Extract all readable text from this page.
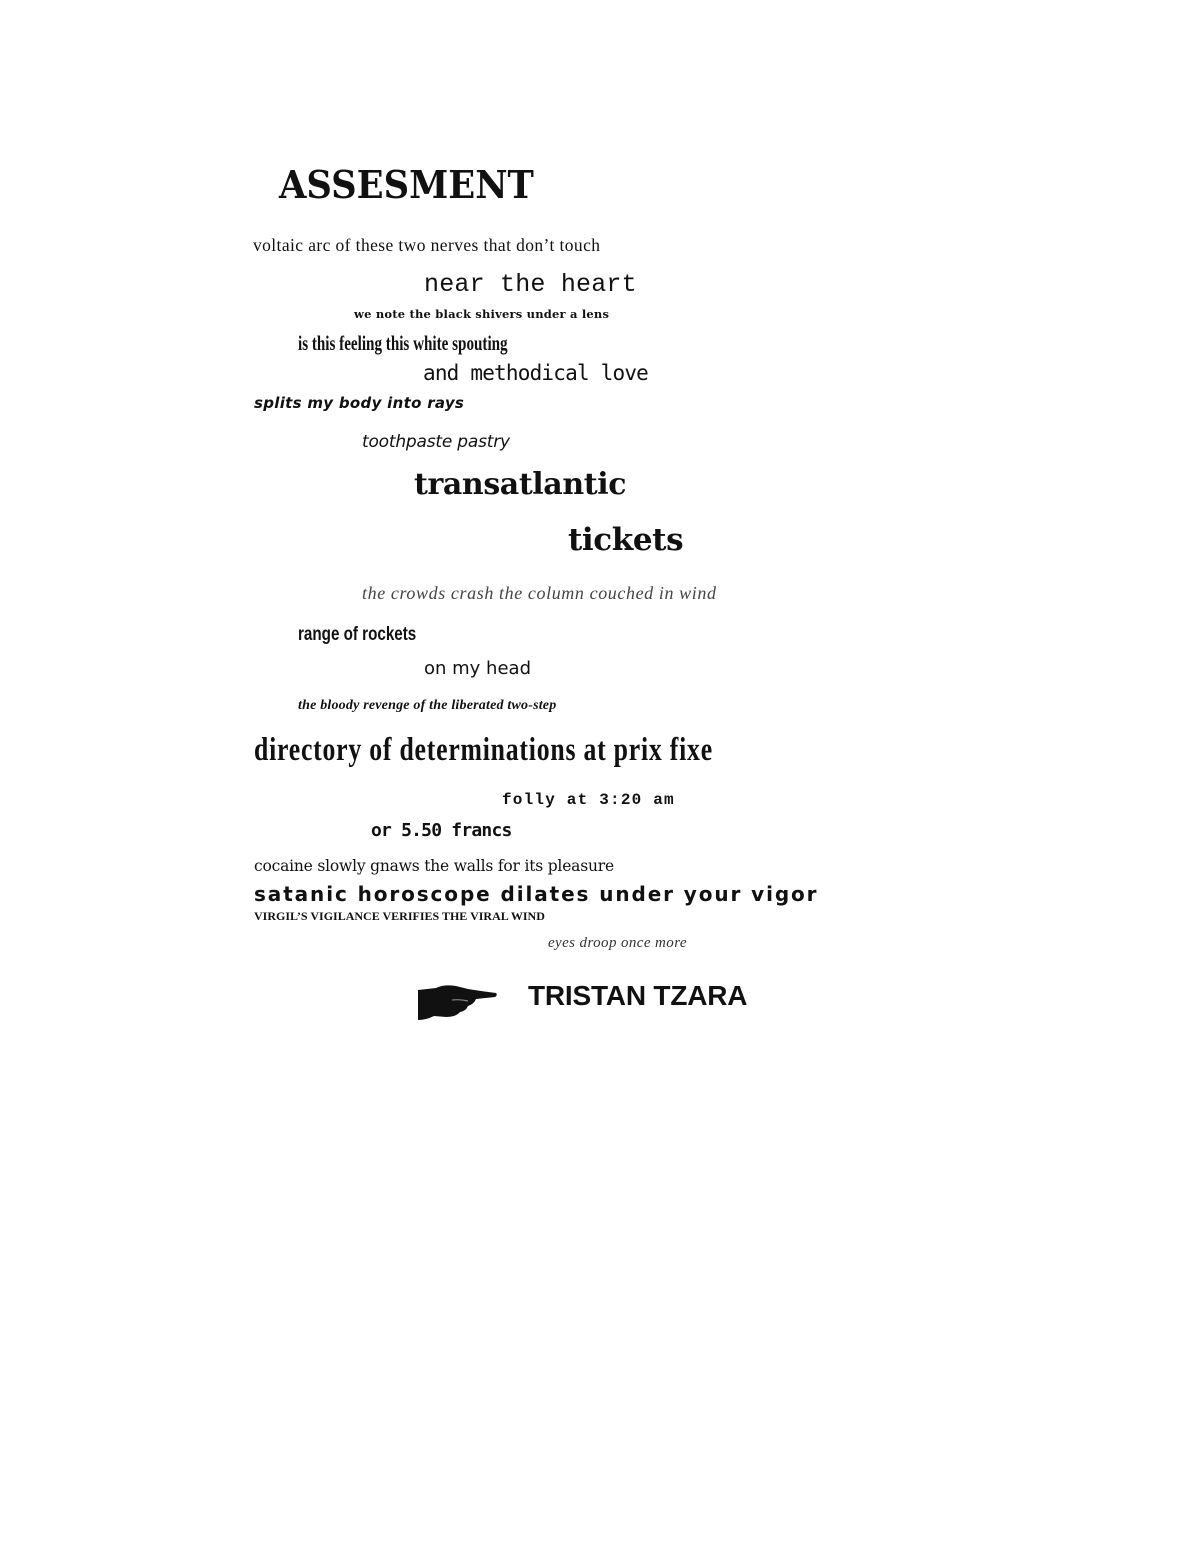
ASSESMENT

voltaic arc of these two nerves that don’t touch

near the heart

we note the black shivers under a lens

is this feeling this white spouting

and methodical love

splits my body into rays

toothpaste pastry

transatlantic

tickets

the crowds crash the column couched in wind

range of rockets

on my head

the bloody revenge of the liberated two-step

directory of determinations at prix fixe

folly at 3:20 am

or 5.50 francs

cocaine slowly gnaws the walls for its pleasure

satanic horoscope dilates under your vigor

VIRGIL’S VIGILANCE VERIFIES THE VIRAL WIND

eyes droop once more

TRISTAN TZARA
